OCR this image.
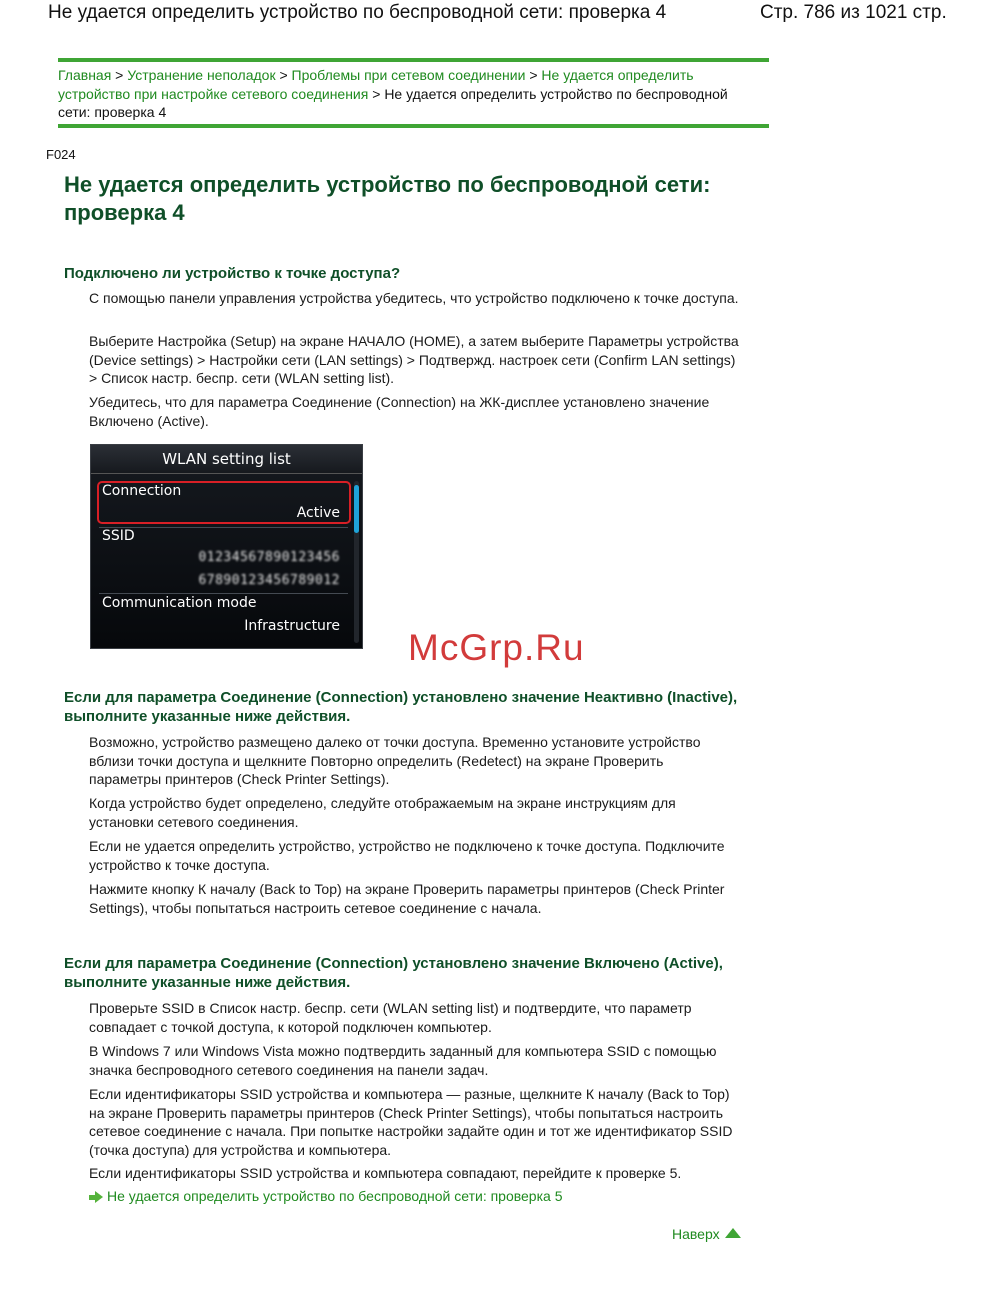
Не удается определить устройство по беспроводной сети: проверка 4	Стр. 786 из 1021 стр.
Главная > Устранение неполадок > Проблемы при сетевом соединении > Не удается определить устройство при настройке сетевого соединения > Не удается определить устройство по беспроводной сети: проверка 4
F024
Не удается определить устройство по беспроводной сети: проверка 4
Подключено ли устройство к точке доступа?

С помощью панели управления устройства убедитесь, что устройство подключено к точке доступа.

Выберите Настройка (Setup) на экране НАЧАЛО (HOME), а затем выберите Параметры устройства (Device settings) > Настройки сети (LAN settings) > Подтвержд. настроек сети (Confirm LAN settings) > Список настр. беспр. сети (WLAN setting list).

Убедитесь, что для параметра Соединение (Connection) на ЖК-дисплее установлено значение Включено (Active).

WLAN setting list
Connection
Active
SSID
01234567890123456
67890123456789012
Communication mode
Infrastructure
McGrp.Ru
Если для параметра Соединение (Connection) установлено значение Неактивно (Inactive), выполните указанные ниже действия.

Возможно, устройство размещено далеко от точки доступа. Временно установите устройство вблизи точки доступа и щелкните Повторно определить (Redetect) на экране Проверить параметры принтеров (Check Printer Settings).

Когда устройство будет определено, следуйте отображаемым на экране инструкциям для установки сетевого соединения.

Если не удается определить устройство, устройство не подключено к точке доступа. Подключите устройство к точке доступа.

Нажмите кнопку К началу (Back to Top) на экране Проверить параметры принтеров (Check Printer Settings), чтобы попытаться настроить сетевое соединение с начала.

Если для параметра Соединение (Connection) установлено значение Включено (Active), выполните указанные ниже действия.

Проверьте SSID в Список настр. беспр. сети (WLAN setting list) и подтвердите, что параметр совпадает с точкой доступа, к которой подключен компьютер.

В Windows 7 или Windows Vista можно подтвердить заданный для компьютера SSID с помощью значка беспроводного сетевого соединения на панели задач.

Если идентификаторы SSID устройства и компьютера — разные, щелкните К началу (Back to Top) на экране Проверить параметры принтеров (Check Printer Settings), чтобы попытаться настроить сетевое соединение с начала. При попытке настройки задайте один и тот же идентификатор SSID (точка доступа) для устройства и компьютера.

Если идентификаторы SSID устройства и компьютера совпадают, перейдите к проверке 5.

Не удается определить устройство по беспроводной сети: проверка 5
Наверх
